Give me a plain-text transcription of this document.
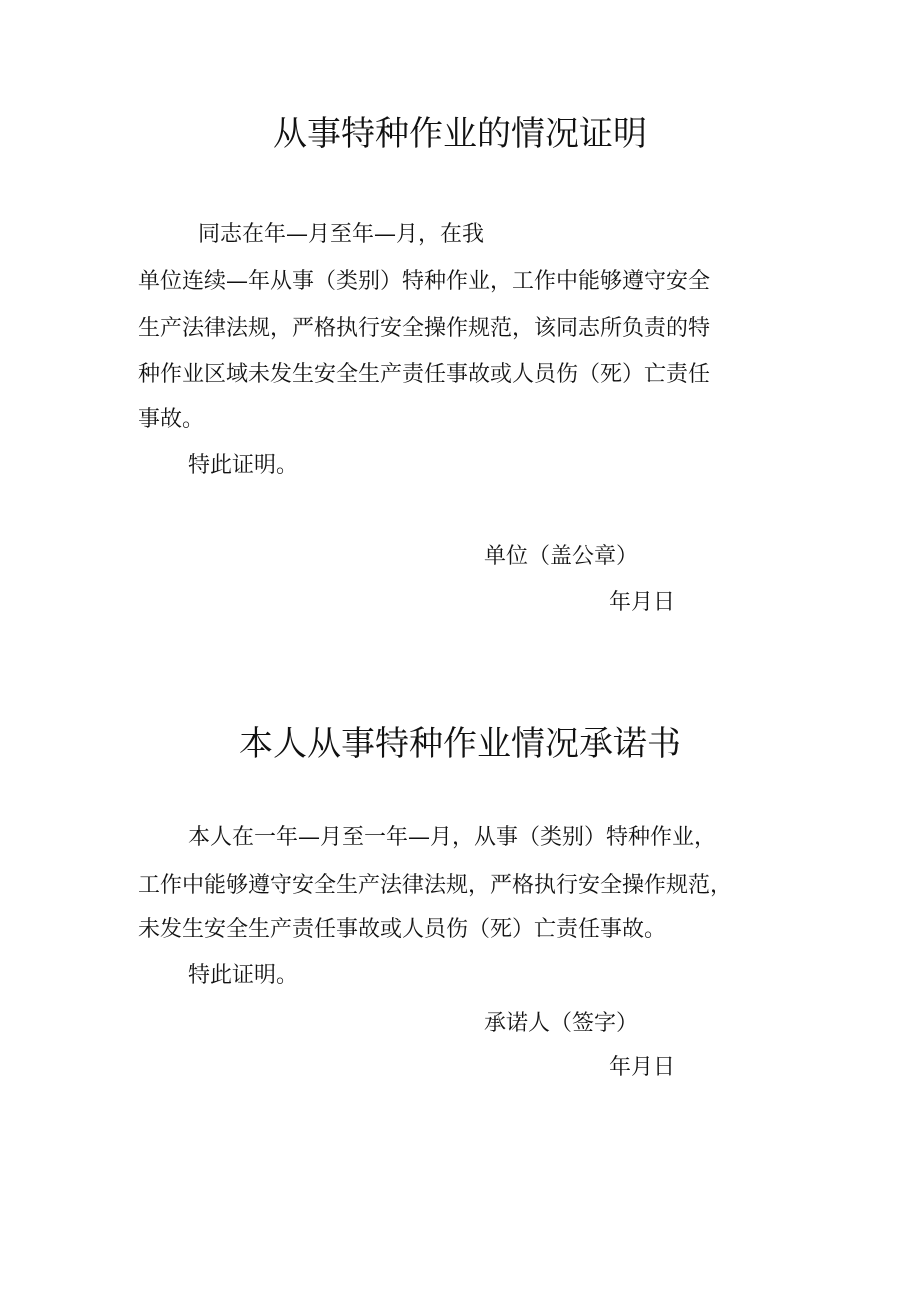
从事特种作业的情况证明

同志在年—月至年—月，在我

单位连续—年从事（类别）特种作业，工作中能够遵守安全

生产法律法规，严格执行安全操作规范，该同志所负责的特

种作业区域未发生安全生产责任事故或人员伤（死）亡责任

事故。

特此证明。

单位（盖公章）

年月日

本人从事特种作业情况承诺书

本人在一年—月至一年—月，从事（类别）特种作业，

工作中能够遵守安全生产法律法规，严格执行安全操作规范，

未发生安全生产责任事故或人员伤（死）亡责任事故。

特此证明。

承诺人（签字）

年月日
